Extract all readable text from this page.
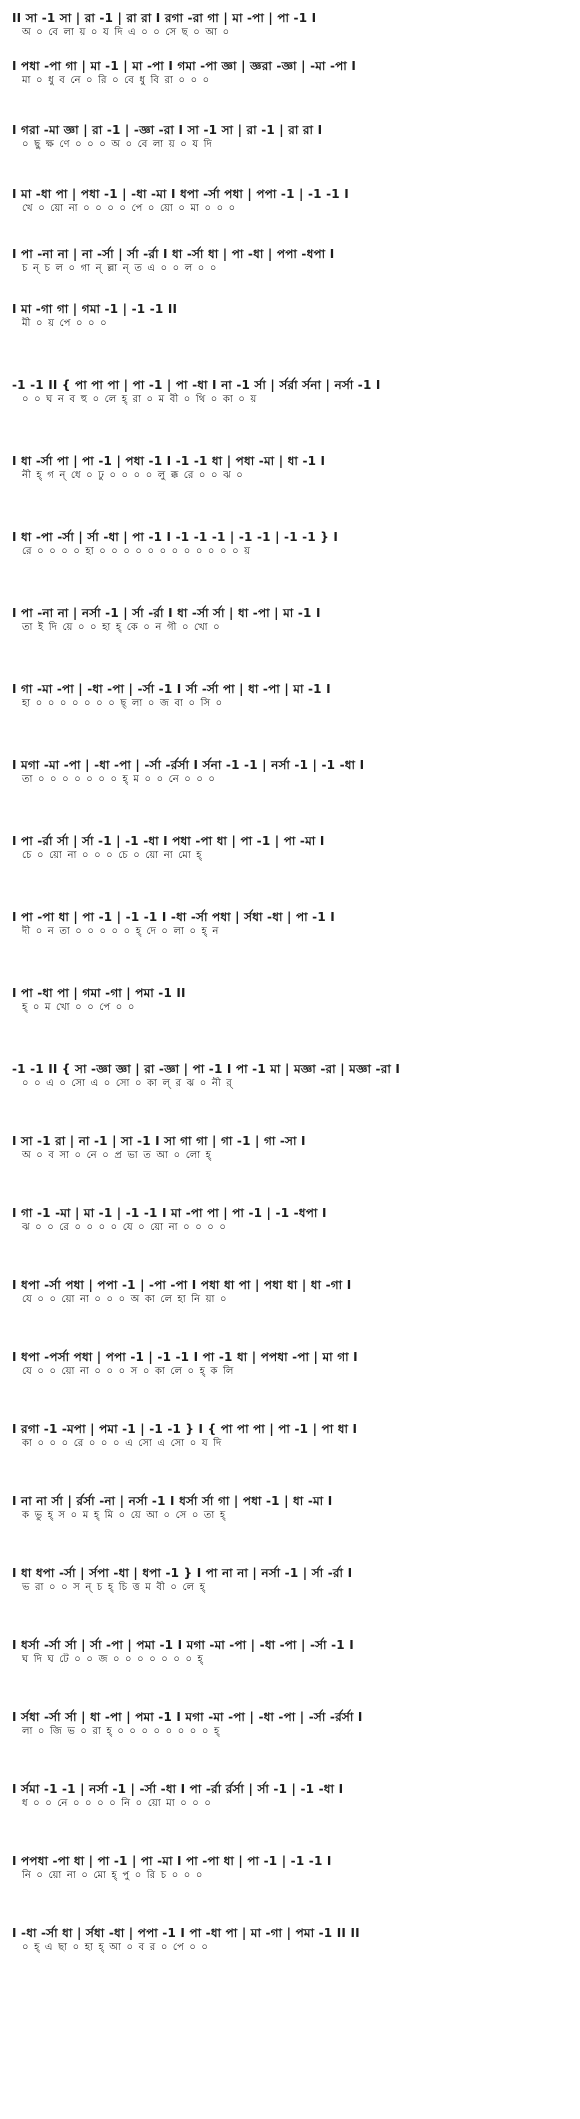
II সা -1 সা | রা -1 | রা রা I রগা -রা গা | মা -পা | পা -1 I
অ ০ বে লা য় ০ য দি এ ০ ০ সে ছ ০ আ ০
I পধা -পা গা | মা -1 | মা -পা I গমা -পা জ্ঞা | জ্ঞরা -জ্ঞা | -মা -পা I
মা ০ ধু ব নে ০ রি ০ বে ধু বি রা ০ ০ ০
I গরা -মা জ্ঞা | রা -1 | -জ্ঞা -রা I সা -1 সা | রা -1 | রা রা I
০ ছু ক্ষ ণে ০ ০ ০ অ ০ বে লা য় ০ য দি
I মা -ধা পা | পধা -1 | -ধা -মা I ধপা -র্সা পধা | পপা -1 | -1 -1 I
খে ০ য়ো না ০ ০ ০ ০ পে ০ য়ো ০ মা ০ ০ ০
I পা -না না | না -র্সা | র্সা -র্রা I ধা -র্সা ধা | পা -ধা | পপা -ধপা I
চ ন্ চ ল ০ গা ন্ ল্লা ন্ ত এ ০ ০ ল ০ ০
I মা -গা গা | গমা -1 | -1 -1 II
মী ০ য় পে ০ ০ ০
-1 -1 II { পা পা পা | পা -1 | পা -ধা I না -1 র্সা | র্সর্রা র্সনা | নর্সা -1 I
০ ০ ঘ ন ব হু ০ লে হ্ রা ০ ম বী ০ থি ০ কা ০ য়
I ধা -র্সা পা | পা -1 | পধা -1 I -1 -1 ধা | পধা -মা | ধা -1 I
নী হ্ গ ন্ ধে ০ ঢু ০ ০ ০ ০ লু ক্ক রে ০ ০ ঝ ০
I ধা -পা -র্সা | র্সা -ধা | পা -1 I -1 -1 -1 | -1 -1 | -1 -1 } I
রে ০ ০ ০ ০ হা ০ ০ ০ ০ ০ ০ ০ ০ ০ ০ ০ ০ য়
I পা -না না | নর্সা -1 | র্সা -র্রা I ধা -র্সা র্সা | ধা -পা | মা -1 I
তা ই দি য়ে ০ ০ হা হ্ কে ০ ন গী ০ খো ০
I গা -মা -পা | -ধা -পা | -র্সা -1 I র্সা -র্সা পা | ধা -পা | মা -1 I
হা ০ ০ ০ ০ ০ ০ ০ ছ্ লা ০ জ বা ০ সি ০
I মগা -মা -পা | -ধা -পা | -র্সা -র্রর্সা I র্সনা -1 -1 | নর্সা -1 | -1 -ধা I
তা ০ ০ ০ ০ ০ ০ ০ হ্ ম ০ ০ নে ০ ০ ০
I পা -র্রা র্সা | র্সা -1 | -1 -ধা I পধা -পা ধা | পা -1 | পা -মা I
চে ০ য়ো না ০ ০ ০ চে ০ য়ো না মো হ্
I পা -পা ধা | পা -1 | -1 -1 I -ধা -র্সা পধা | র্সধা -ধা | পা -1 I
দী ০ ন তা ০ ০ ০ ০ ০ হ্ দে ০ লা ০ হ্ ন
I পা -ধা পা | গমা -গা | পমা -1 II
হ্ ০ ম খো ০ ০ পে ০ ০
-1 -1 II { সা -জ্ঞা জ্ঞা | রা -জ্ঞা | পা -1 I পা -1 মা | মজ্ঞা -রা | মজ্ঞা -রা I
০ ০ এ ০ সো এ ০ সো ০ কা ল্ র ঝ ০ নী র্
I সা -1 রা | না -1 | সা -1 I সা গা গা | গা -1 | গা -সা I
অ ০ ব সা ০ নে ০ প্র ভা ত আ ০ লো হ্
I গা -1 -মা | মা -1 | -1 -1 I মা -পা পা | পা -1 | -1 -ধপা I
ঝ ০ ০ রে ০ ০ ০ ০ যে ০ য়ো না ০ ০ ০ ০
I ধপা -র্সা পধা | পপা -1 | -পা -পা I পধা ধা পা | পধা ধা | ধা -গা I
যে ০ ০ য়ো না ০ ০ ০ অ কা লে হা নি য়া ০
I ধপা -পর্সা পধা | পপা -1 | -1 -1 I পা -1 ধা | পপধা -পা | মা গা I
যে ০ ০ য়ো না ০ ০ ০ স ০ কা লে ০ হ্ ক লি
I রগা -1 -মপা | পমা -1 | -1 -1 } I { পা পা পা | পা -1 | পা ধা I
কা ০ ০ ০ রে ০ ০ ০ এ সো এ সো ০ য দি
I না না র্সা | র্রর্সা -না | নর্সা -1 I ধর্সা র্সা গা | পধা -1 | ধা -মা I
ক ভু হ্ স ০ ম হ্ মি ০ য়ে আ ০ সে ০ তা হ্
I ধা ধপা -র্সা | র্সপা -ধা | ধপা -1 } I পা না না | নর্সা -1 | র্সা -র্রা I
ভ রা ০ ০ স ন্ চ হ্ চি ত্ত ম বী ০ লে হ্
I ধর্সা -র্সা র্সা | র্সা -পা | পমা -1 I মগা -মা -পা | -ধা -পা | -র্সা -1 I
ঘ দি ঘ টে ০ ০ জ ০ ০ ০ ০ ০ ০ ০ হ্
I র্সধা -র্সা র্সা | ধা -পা | পমা -1 I মগা -মা -পা | -ধা -পা | -র্সা -র্রর্সা I
লা ০ জি ভ ০ রা হ্ ০ ০ ০ ০ ০ ০ ০ ০ হ্
I র্সমা -1 -1 | নর্সা -1 | -র্সা -ধা I পা -র্রা র্রর্সা | র্সা -1 | -1 -ধা I
ধ ০ ০ নে ০ ০ ০ ০ নি ০ য়ো মা ০ ০ ০
I পপধা -পা ধা | পা -1 | পা -মা I পা -পা ধা | পা -1 | -1 -1 I
নি ০ য়ো না ০ মো হ্ পু ০ রি চ ০ ০ ০
I -ধা -র্সা ধা | র্সধা -ধা | পপা -1 I পা -ধা পা | মা -গা | পমা -1 II II
০ হ্ এ ছা ০ হা হ্ আ ০ ব র ০ পে ০ ০
